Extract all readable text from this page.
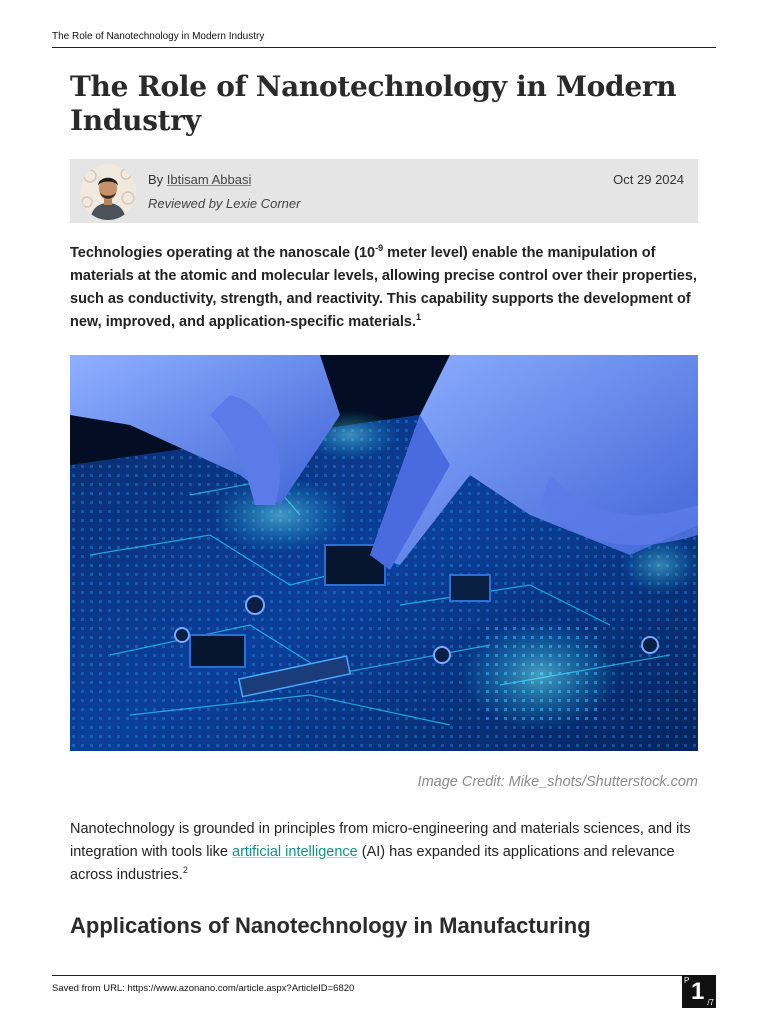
The Role of Nanotechnology in Modern Industry
The Role of Nanotechnology in Modern Industry
By Ibtisam Abbasi
Reviewed by Lexie Corner
Oct 29 2024

Technologies operating at the nanoscale ($10^{-9}$ meter level) enable the manipulation of materials at the atomic and molecular levels, allowing precise control over their properties, such as conductivity, strength, and reactivity. This capability supports the development of new, improved, and application-specific materials.$^1$

Image Credit: Mike_shots/Shutterstock.com

Nanotechnology is grounded in principles from micro-engineering and materials sciences, and its integration with tools like artificial intelligence (AI) has expanded its applications and relevance across industries.$^2$

Applications of Nanotechnology in Manufacturing
Saved from URL: https://www.azonano.com/article.aspx?ArticleID=6820
P 1 /7
